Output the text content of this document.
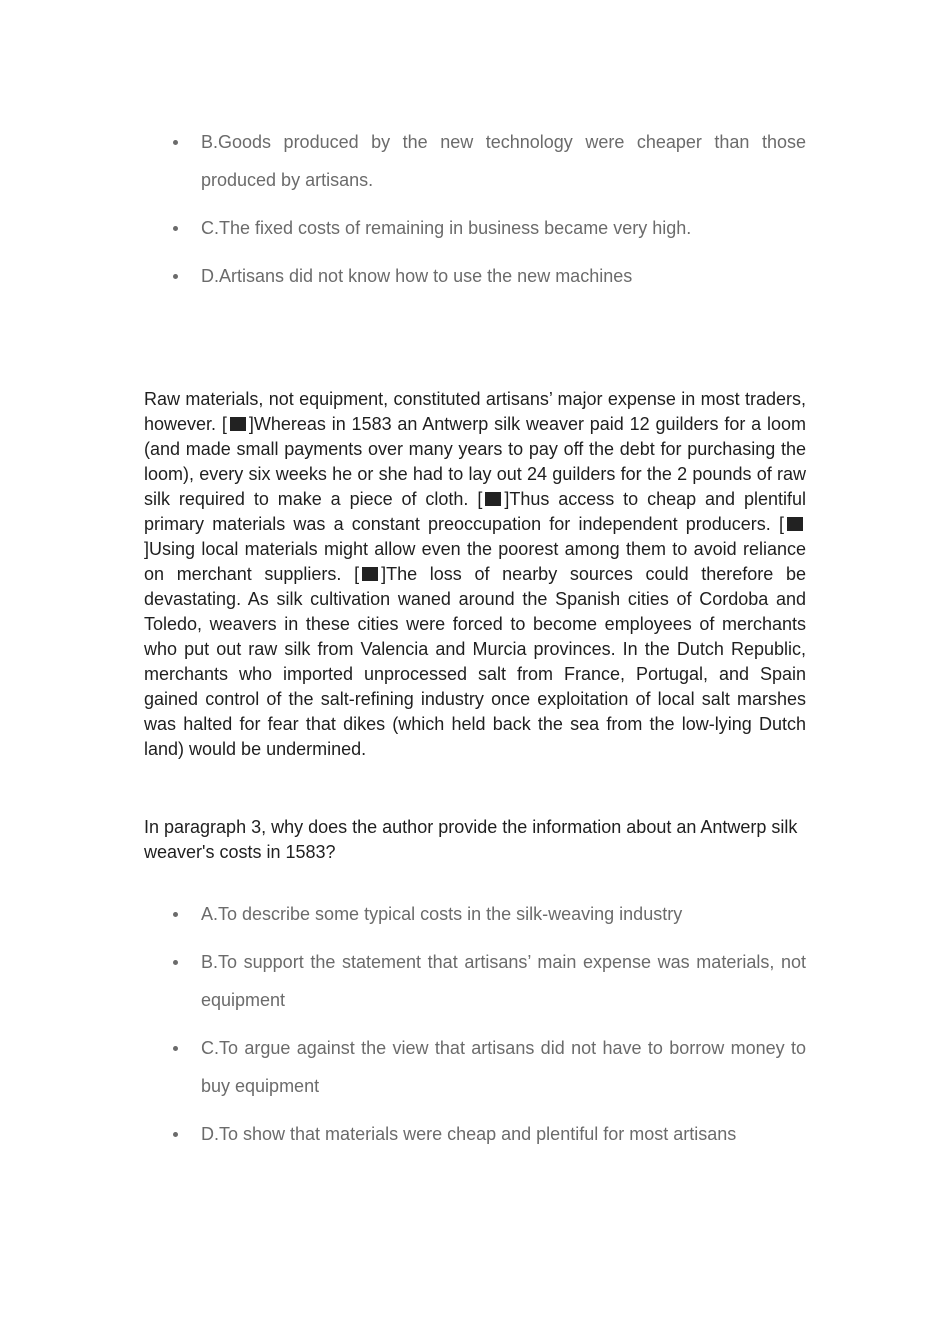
B.Goods produced by the new technology were cheaper than those produced by artisans.
C.The fixed costs of remaining in business became very high.
D.Artisans did not know how to use the new machines

Raw materials, not equipment, constituted artisans’ major expense in most traders, however. [ ]Whereas in 1583 an Antwerp silk weaver paid 12 guilders for a loom (and made small payments over many years to pay off the debt for purchasing the loom), every six weeks he or she had to lay out 24 guilders for the 2 pounds of raw silk required to make a piece of cloth. [ ]Thus access to cheap and plentiful primary materials was a constant preoccupation for independent producers. []Using local materials might allow even the poorest among them to avoid reliance on merchant suppliers. [ ]The loss of nearby sources could therefore be devastating. As silk cultivation waned around the Spanish cities of Cordoba and Toledo, weavers in these cities were forced to become employees of merchants who put out raw silk from Valencia and Murcia provinces. In the Dutch Republic, merchants who imported unprocessed salt from France, Portugal, and Spain gained control of the salt-refining industry once exploitation of local salt marshes was halted for fear that dikes (which held back the sea from the low-lying Dutch land) would be undermined.

In paragraph 3, why does the author provide the information about an Antwerp silk weaver's costs in 1583?

A.To describe some typical costs in the silk-weaving industry
B.To support the statement that artisans’ main expense was materials, not equipment
C.To argue against the view that artisans did not have to borrow money to buy equipment
D.To show that materials were cheap and plentiful for most artisans
